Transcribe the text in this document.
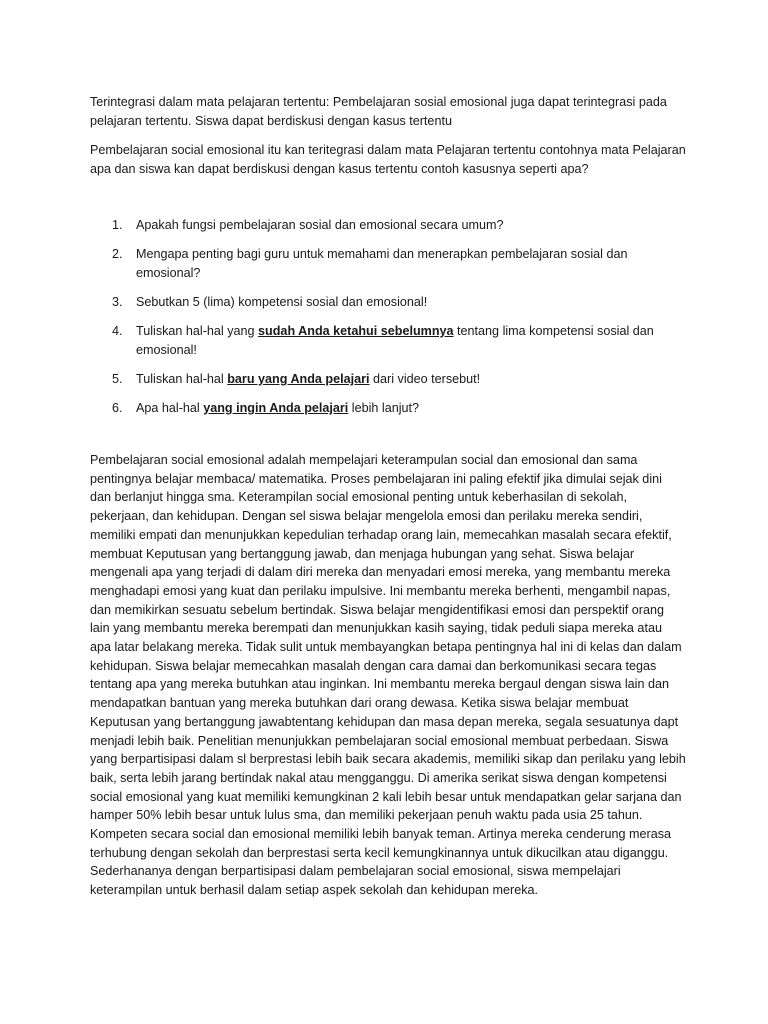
Terintegrasi dalam mata pelajaran tertentu: Pembelajaran sosial emosional juga dapat terintegrasi pada pelajaran tertentu. Siswa dapat berdiskusi dengan kasus tertentu

Pembelajaran social emosional itu kan teritegrasi dalam mata Pelajaran tertentu contohnya mata Pelajaran apa dan siswa kan dapat berdiskusi dengan kasus tertentu contoh kasusnya seperti apa?

1. Apakah fungsi pembelajaran sosial dan emosional secara umum?
2. Mengapa penting bagi guru untuk memahami dan menerapkan pembelajaran sosial dan emosional?
3. Sebutkan 5 (lima) kompetensi sosial dan emosional!
4. Tuliskan hal-hal yang sudah Anda ketahui sebelumnya tentang lima kompetensi sosial dan emosional!
5. Tuliskan hal-hal baru yang Anda pelajari dari video tersebut!
6. Apa hal-hal yang ingin Anda pelajari lebih lanjut?

Pembelajaran social emosional adalah mempelajari keterampulan social dan emosional dan sama pentingnya belajar membaca/ matematika. Proses pembelajaran ini paling efektif jika dimulai sejak dini dan berlanjut hingga sma. Keterampilan social emosional penting untuk keberhasilan di sekolah, pekerjaan, dan kehidupan. Dengan sel siswa belajar mengelola emosi dan perilaku mereka sendiri, memiliki empati dan menunjukkan kepedulian terhadap orang lain, memecahkan masalah secara efektif, membuat Keputusan yang bertanggung jawab, dan menjaga hubungan yang sehat. Siswa belajar mengenali apa yang terjadi di dalam diri mereka dan menyadari emosi mereka, yang membantu mereka menghadapi emosi yang kuat dan perilaku impulsive. Ini membantu mereka berhenti, mengambil napas, dan memikirkan sesuatu sebelum bertindak. Siswa belajar mengidentifikasi emosi dan perspektif orang lain yang membantu mereka berempati dan menunjukkan kasih saying, tidak peduli siapa mereka atau apa latar belakang mereka. Tidak sulit untuk membayangkan betapa pentingnya hal ini di kelas dan dalam kehidupan. Siswa belajar memecahkan masalah dengan cara damai dan berkomunikasi secara tegas tentang apa yang mereka butuhkan atau inginkan. Ini membantu mereka bergaul dengan siswa lain dan mendapatkan bantuan yang mereka butuhkan dari orang dewasa. Ketika siswa belajar membuat Keputusan yang bertanggung jawabtentang kehidupan dan masa depan mereka, segala sesuatunya dapt menjadi lebih baik. Penelitian menunjukkan pembelajaran social emosional membuat perbedaan. Siswa yang berpartisipasi dalam sl berprestasi lebih baik secara akademis, memiliki sikap dan perilaku yang lebih baik, serta lebih jarang bertindak nakal atau mengganggu. Di amerika serikat siswa dengan kompetensi social emosional yang kuat memiliki kemungkinan 2 kali lebih besar untuk mendapatkan gelar sarjana dan hamper 50% lebih besar untuk lulus sma, dan memiliki pekerjaan penuh waktu pada usia 25 tahun. Kompeten secara social dan emosional memiliki lebih banyak teman. Artinya mereka cenderung merasa terhubung dengan sekolah dan berprestasi serta kecil kemungkinannya untuk dikucilkan atau diganggu. Sederhananya dengan berpartisipasi dalam pembelajaran social emosional, siswa mempelajari keterampilan untuk berhasil dalam setiap aspek sekolah dan kehidupan mereka.
